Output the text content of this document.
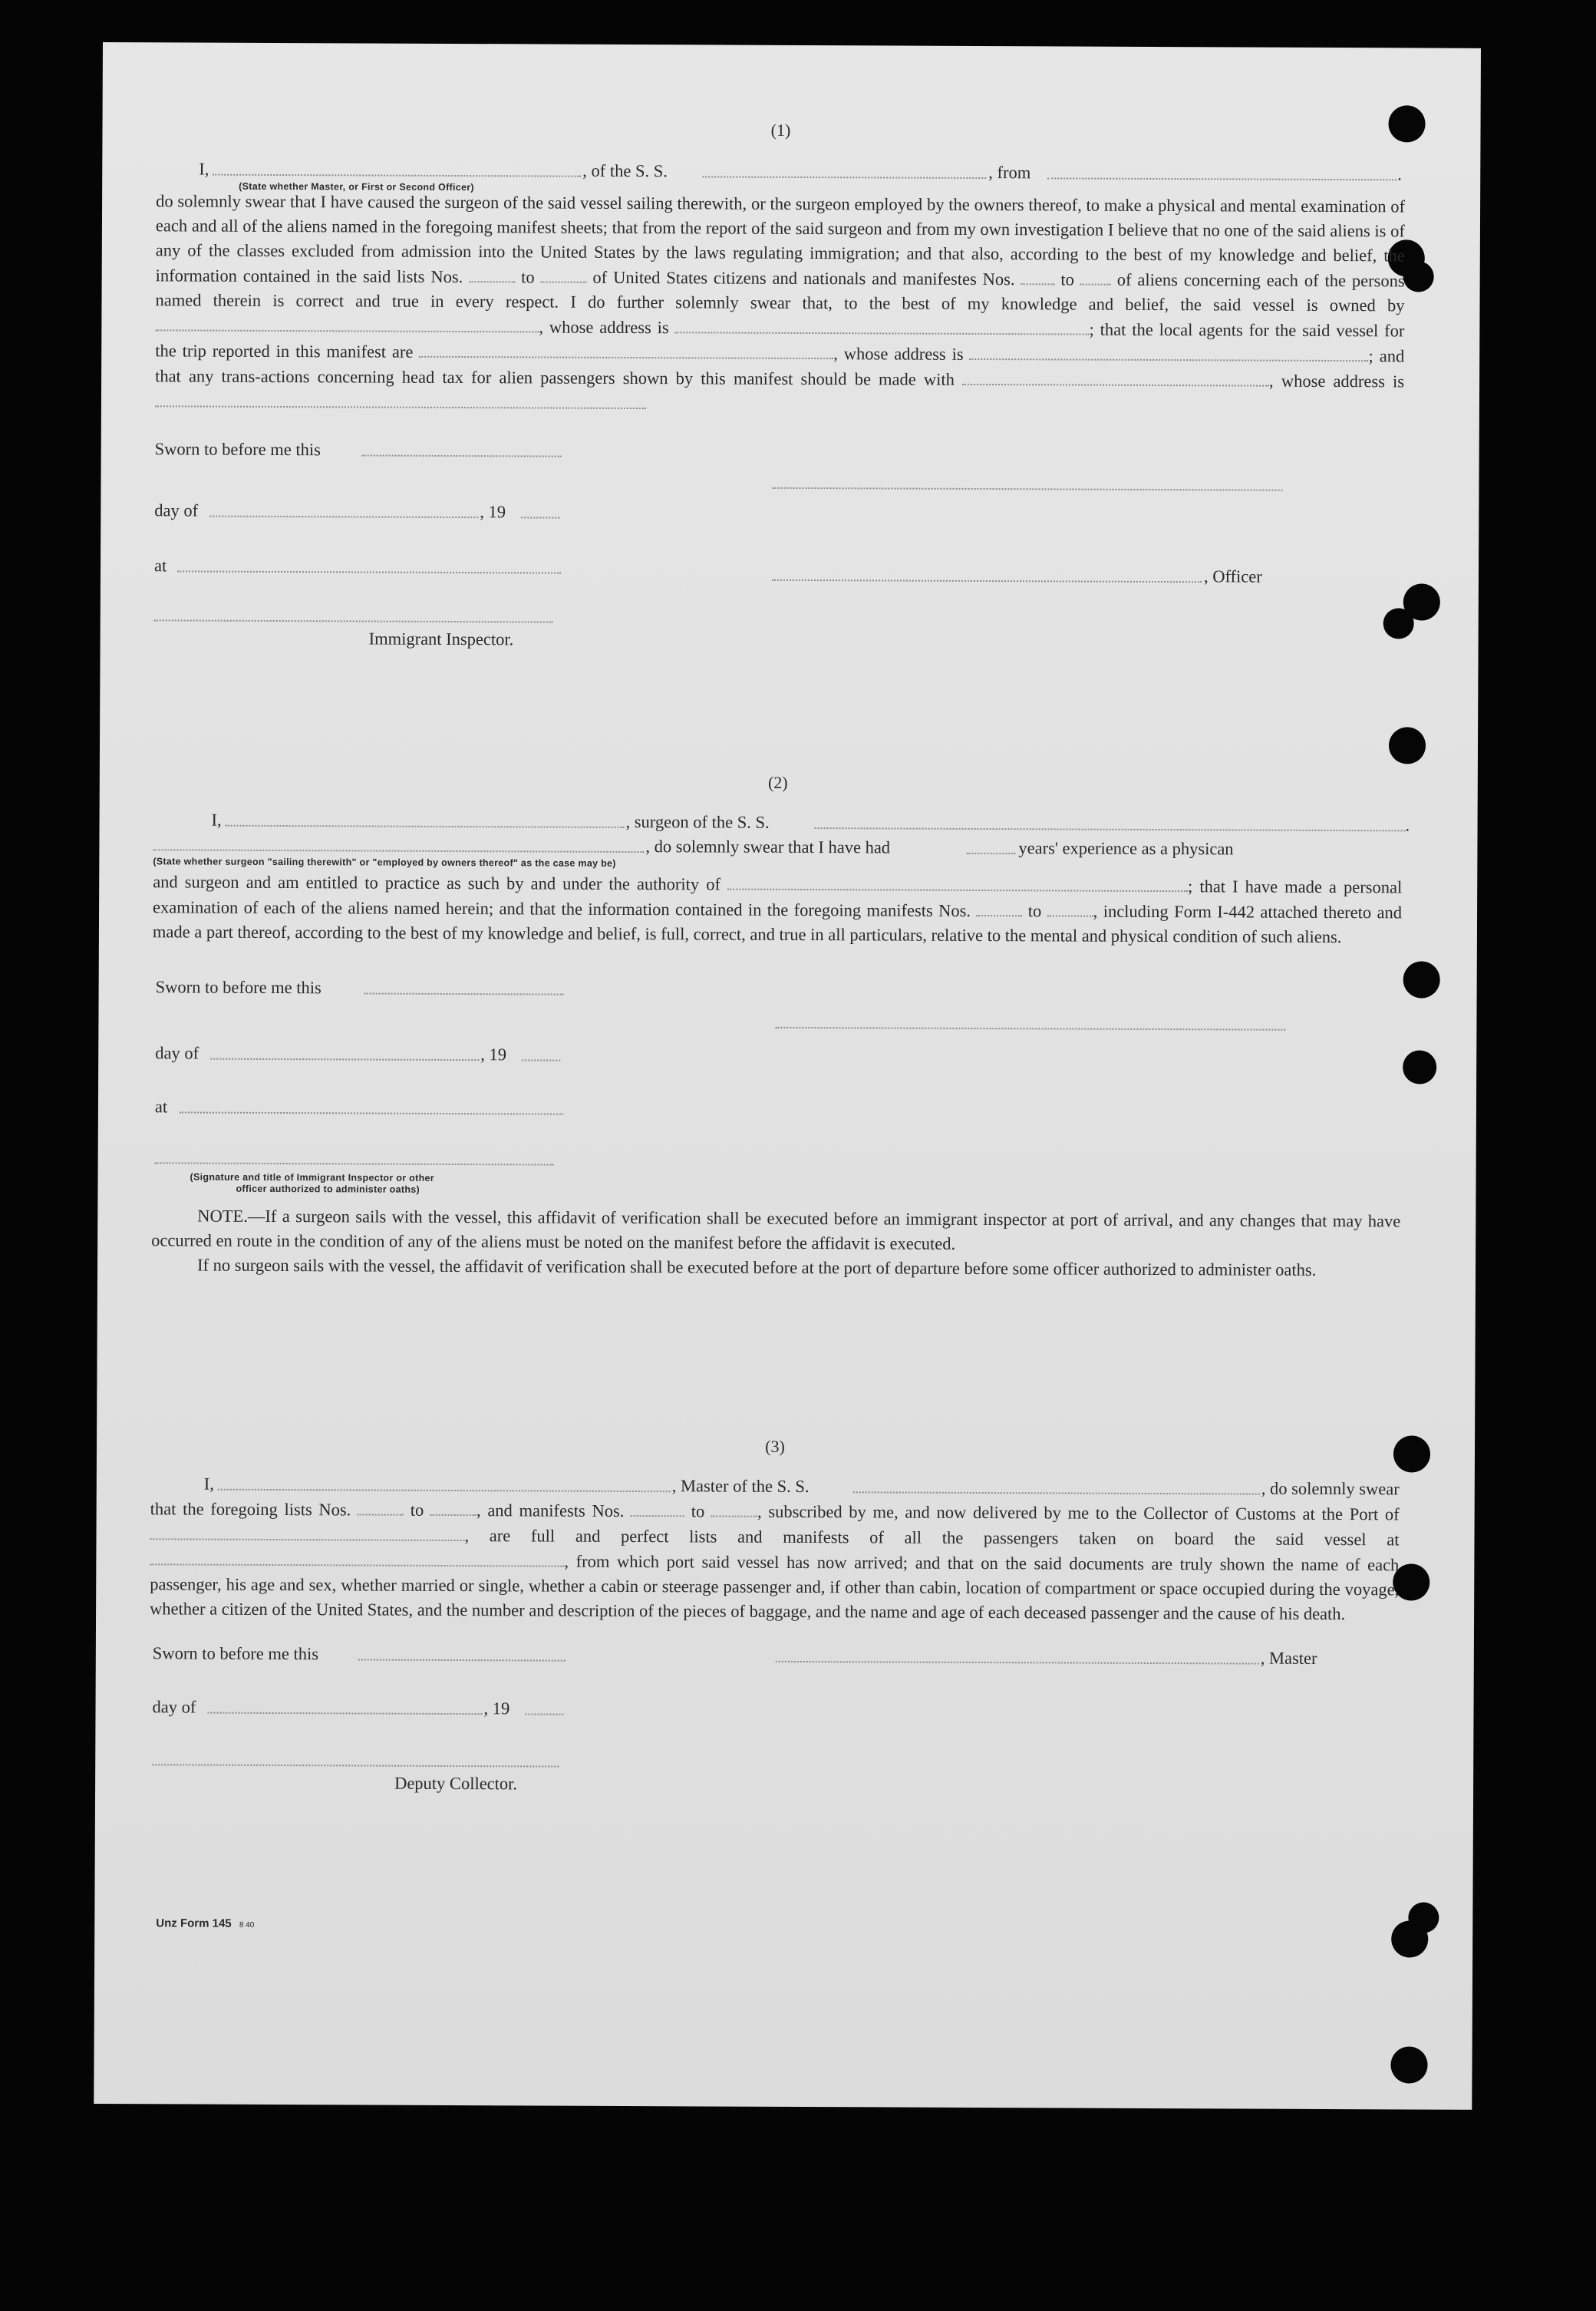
(1)
I,	, of the S. S.	, from	.
(State whether Master, or First or Second Officer)

do solemnly swear that I have caused the surgeon of the said vessel sailing therewith, or the surgeon employed by the owners thereof, to make a physical and mental examination of each and all of the aliens named in the foregoing manifest sheets; that from the report of the said surgeon and from my own investigation I believe that no one of the said aliens is of any of the classes excluded from admission into the United States by the laws regulating immigration; and that also, according to the best of my knowledge and belief, the information contained in the said lists Nos.	to	of United States citizens and nationals and manifestes Nos.	to of aliens concerning each of the persons named therein is correct and true in every respect. I do further solemnly swear that, to the best of my knowledge and belief, the said vessel is owned by , whose address is	; that the local agents for the said vessel for the trip reported in this manifest are	, whose address is	; and that any trans-actions concerning head tax for alien passengers shown by this manifest should be made with	, whose address is

Sworn to before me this
day of	, 19
at
, Officer
Immigrant Inspector.
(2)
I,	, surgeon of the S. S.	.
, do solemnly swear that I have had	years' experience as a physican
(State whether surgeon "sailing therewith" or "employed by owners thereof" as the case may be)

and surgeon and am entitled to practice as such by and under the authority of	; that I have made a personal examination of each of the aliens named herein; and that the information contained in the foregoing manifests Nos.	to	, including Form I-442 attached thereto and made a part thereof, according to the best of my knowledge and belief, is full, correct, and true in all particulars, relative to the mental and physical condition of such aliens.

Sworn to before me this
day of	, 19
at
(Signature and title of Immigrant Inspector or other
officer authorized to administer oaths)

NOTE.—If a surgeon sails with the vessel, this affidavit of verification shall be executed before an immigrant inspector at port of arrival, and any changes that may have occurred en route in the condition of any of the aliens must be noted on the manifest before the affidavit is executed.

If no surgeon sails with the vessel, the affidavit of verification shall be executed before at the port of departure before some officer authorized to administer oaths.

(3)
I,	, Master of the S. S.	, do solemnly swear

that the foregoing lists Nos.	to	, and manifests Nos.	to	, subscribed by me, and now delivered by me to the Collector of Customs at the Port of , are full and perfect lists and manifests of all the passengers taken on board the said vessel at , from which port said vessel has now arrived; and that on the said documents are truly shown the name of each passenger, his age and sex, whether married or single, whether a cabin or steerage passenger and, if other than cabin, location of compartment or space occupied during the voyage, whether a citizen of the United States, and the number and description of the pieces of baggage, and the name and age of each deceased passenger and the cause of his death.

Sworn to before me this	, Master
day of	, 19
Deputy Collector.
Unz Form 145 8 40
